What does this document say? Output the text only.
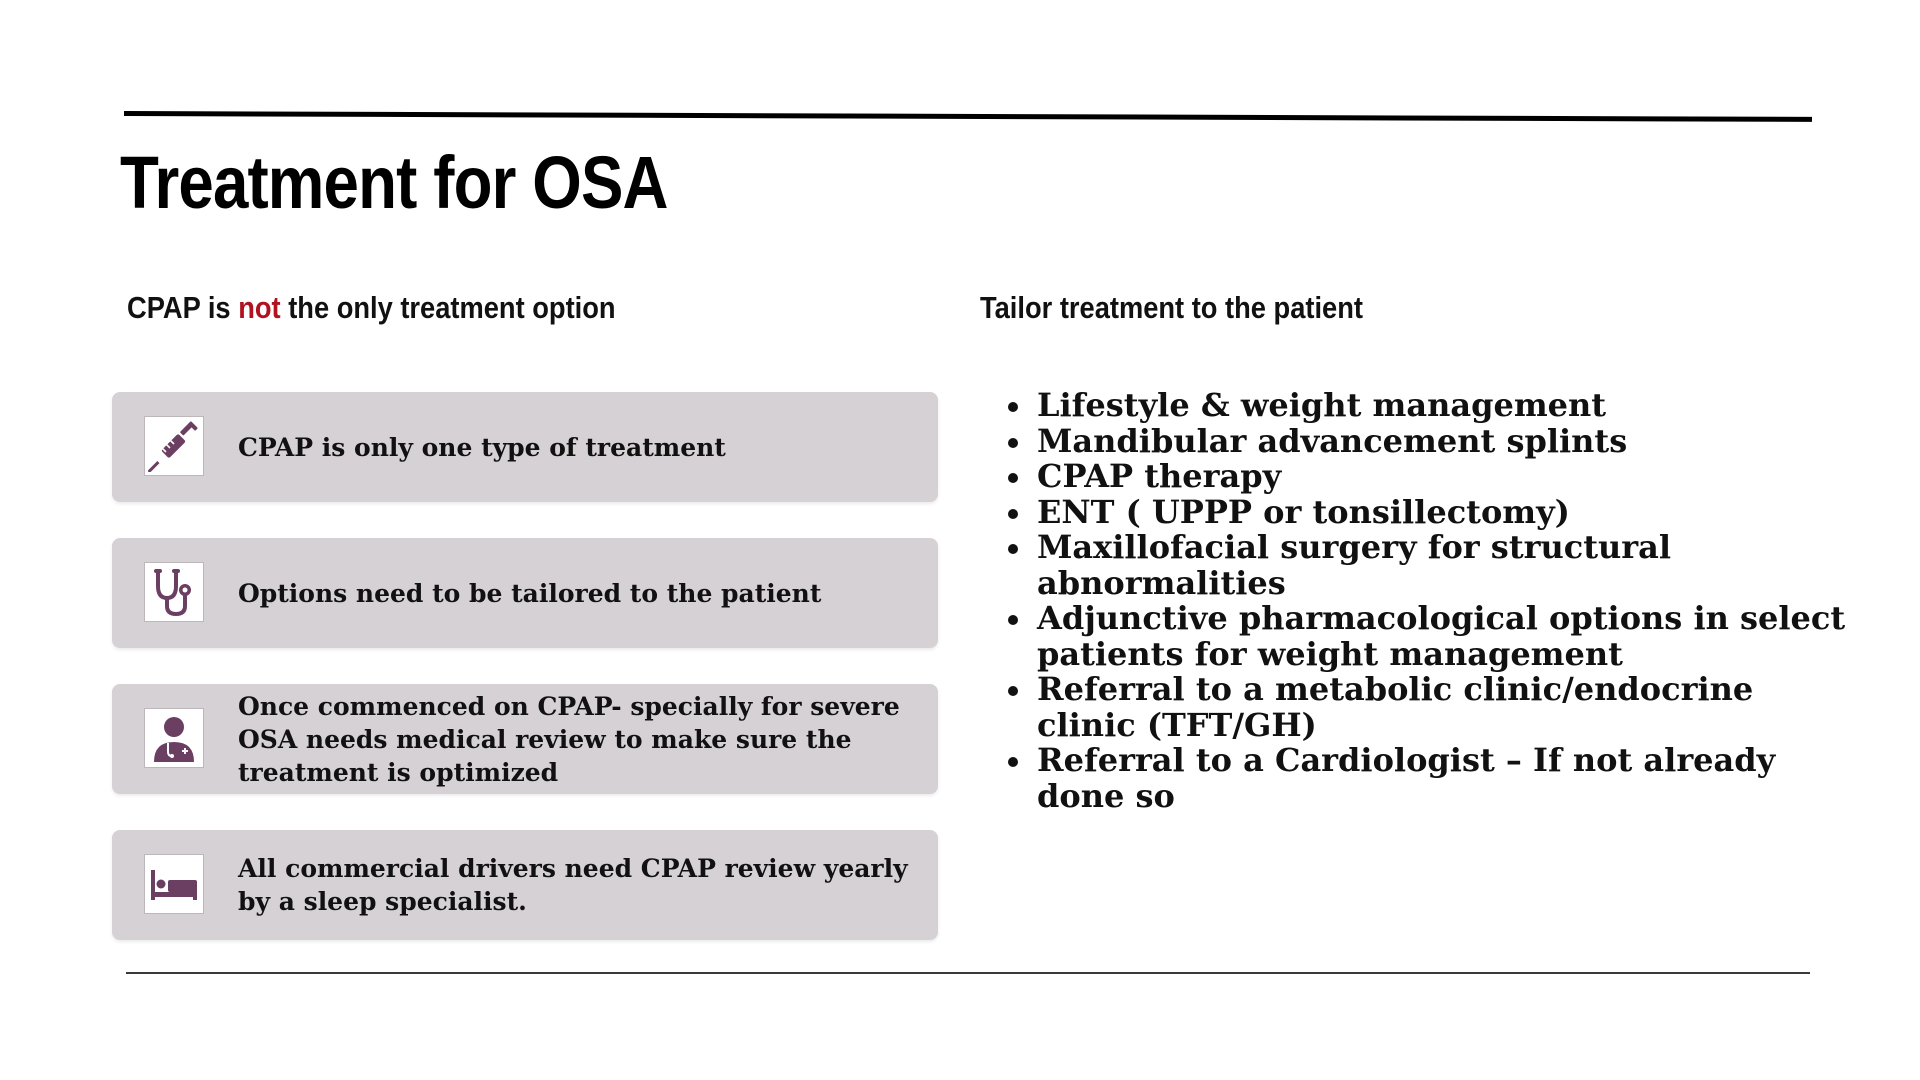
Treatment for OSA
CPAP is not the only treatment option	Tailor treatment to the patient
CPAP is only one type of treatment
Options need to be tailored to the patient
Once commenced on CPAP- specially for severe OSA needs medical review to make sure the treatment is optimized
All commercial drivers need CPAP review yearly by a sleep specialist.
Lifestyle & weight management
Mandibular advancement splints
CPAP therapy
ENT ( UPPP or tonsillectomy)
Maxillofacial surgery for structural abnormalities
Adjunctive pharmacological options in select patients for weight management
Referral to a metabolic clinic/endocrine clinic (TFT/GH)
Referral to a Cardiologist – If not already done so
